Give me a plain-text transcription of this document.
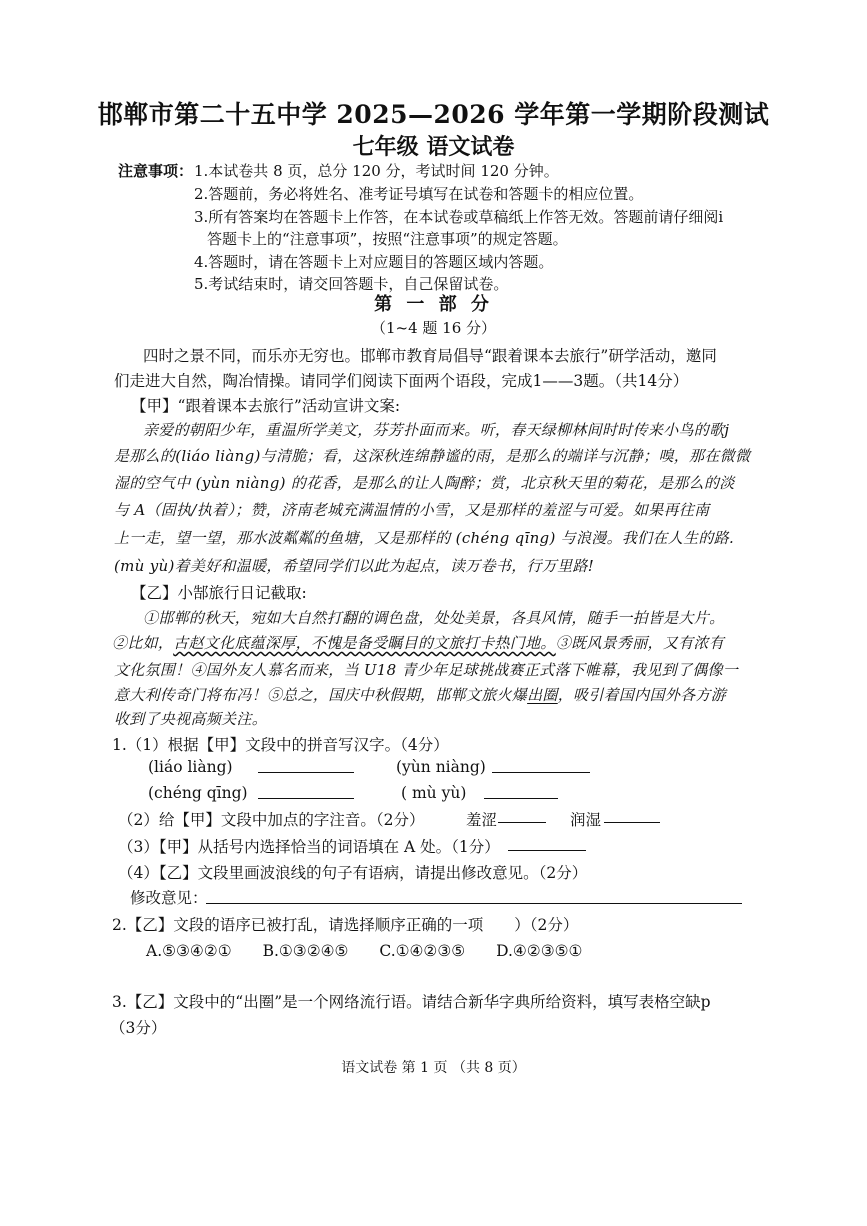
邯郸市第二十五中学 2025—2026 学年第一学期阶段测试
七年级 语文试卷
注意事项： 1.本试卷共 8 页，总分 120 分，考试时间 120 分钟。
2.答题前，务必将姓名、准考证号填写在试卷和答题卡的相应位置。
3.所有答案均在答题卡上作答，在本试卷或草稿纸上作答无效。答题前请仔细阅i
答题卡上的“注意事项”，按照“注意事项”的规定答题。
4.答题时，请在答题卡上对应题目的答题区域内答题。
5.考试结束时，请交回答题卡，自己保留试卷。
第 一 部 分
（1~4 题 16 分）
四时之景不同，而乐亦无穷也。邯郸市教育局倡导“跟着课本去旅行”研学活动，邀同
们走进大自然，陶冶情操。请同学们阅读下面两个语段，完成1——3题。（共14分）
【甲】“跟着课本去旅行”活动宣讲文案:
亲爱的朝阳少年，重温所学美文，芬芳扑面而来。听，春天绿柳林间时时传来小鸟的歌j
是那么的(liáo liàng)与清脆；看，这深秋连绵静谧的雨，是那么的端详与沉静；嗅，那在微微
湿的空气中 (yùn niàng) 的花香，是那么的让人陶醉；赏，北京秋天里的菊花，是那么的淡
与 A（固执/执着）；赞，济南老城充满温情的小雪，又是那样的羞涩与可爱。如果再往南
上一走，望一望，那水波粼粼的鱼塘，又是那样的 (chéng qīng) 与浪漫。我们在人生的路.
(mù yù)着美好和温暖，希望同学们以此为起点，读万卷书，行万里路!
【乙】小郜旅行日记截取:
①邯郸的秋天，宛如大自然打翻的调色盘，处处美景，各具风情，随手一拍皆是大片。
②比如，古赵文化底蕴深厚，不愧是备受瞩目的文旅打卡热门地。③既风景秀丽，又有浓有
文化氛围！④国外友人慕名而来，当 U18 青少年足球挑战赛正式落下帷幕，我见到了偶像一
意大利传奇门将布冯！⑤总之，国庆中秋假期，邯郸文旅火爆出圈，吸引着国内国外各方游
收到了央视高频关注。
1.（1）根据【甲】文段中的拼音写汉字。（4分）
(liáo liàng)	(yùn niàng)
(chéng qīng)	( mù yù)
（2）给【甲】文段中加点的字注音。（2分）	羞涩	润湿
（3）【甲】从括号内选择恰当的词语填在 A 处。（1分）
（4）【乙】文段里画波浪线的句子有语病，请提出修改意见。（2分）
修改意见：
2.【乙】文段的语序已被打乱，请选择顺序正确的一项　　）（2分）
A.⑤③④②①　　B.①③②④⑤　　C.①④②③⑤　　D.④②③⑤①
3.【乙】文段中的“出圈”是一个网络流行语。请结合新华字典所给资料，填写表格空缺p
（3分）
语文试卷 第 1 页 （共 8 页）
